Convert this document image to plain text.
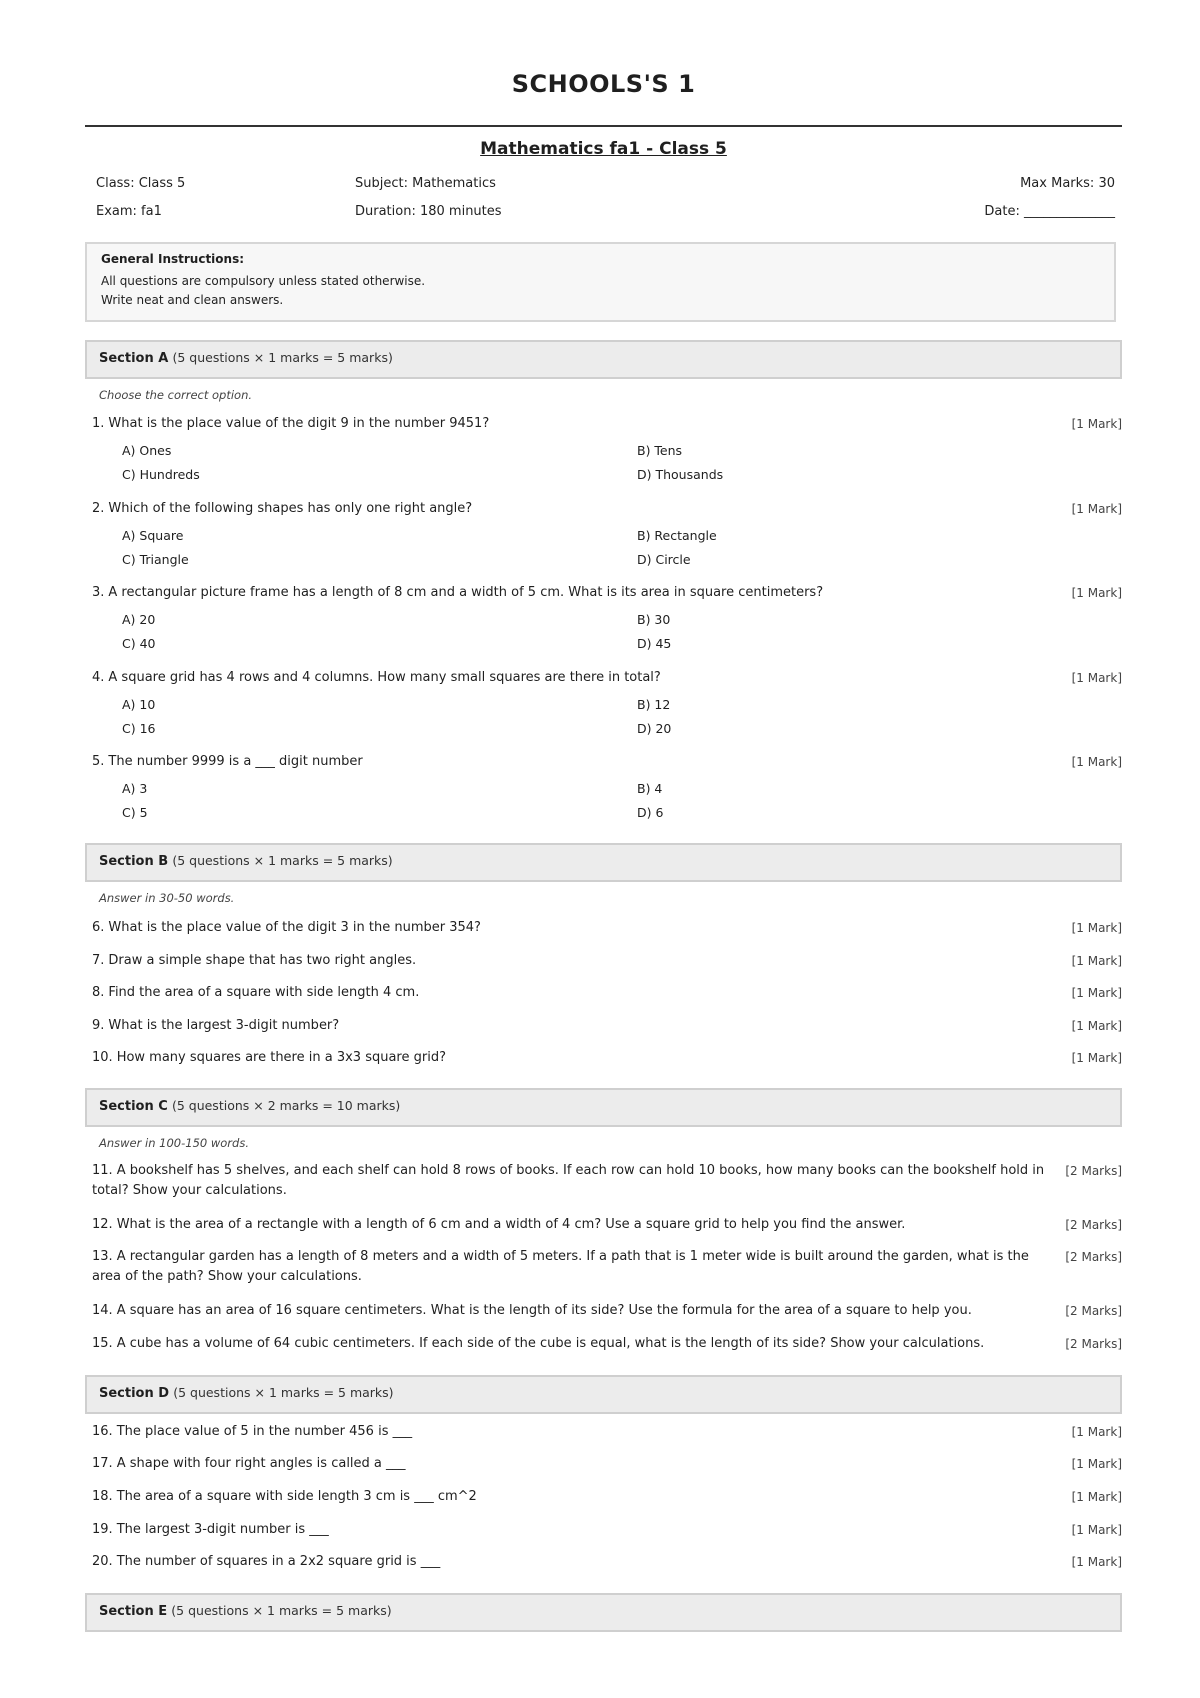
SCHOOLS'S 1
Mathematics fa1 - Class 5
Class: Class 5	Subject: Mathematics	Max Marks: 30
Exam: fa1	Duration: 180 minutes	Date: ______________
General Instructions:
All questions are compulsory unless stated otherwise.
Write neat and clean answers.
Section A (5 questions × 1 marks = 5 marks)
Choose the correct option.
1. What is the place value of the digit 9 in the number 9451?	[1 Mark]
A) Ones	B) Tens
C) Hundreds	D) Thousands
2. Which of the following shapes has only one right angle?	[1 Mark]
A) Square	B) Rectangle
C) Triangle	D) Circle
3. A rectangular picture frame has a length of 8 cm and a width of 5 cm. What is its area in square centimeters?	[1 Mark]
A) 20	B) 30
C) 40	D) 45
4. A square grid has 4 rows and 4 columns. How many small squares are there in total?	[1 Mark]
A) 10	B) 12
C) 16	D) 20
5. The number 9999 is a ___ digit number	[1 Mark]
A) 3	B) 4
C) 5	D) 6
Section B (5 questions × 1 marks = 5 marks)
Answer in 30-50 words.
6. What is the place value of the digit 3 in the number 354?	[1 Mark]
7. Draw a simple shape that has two right angles.	[1 Mark]
8. Find the area of a square with side length 4 cm.	[1 Mark]
9. What is the largest 3-digit number?	[1 Mark]
10. How many squares are there in a 3x3 square grid?	[1 Mark]
Section C (5 questions × 2 marks = 10 marks)
Answer in 100-150 words.
11. A bookshelf has 5 shelves, and each shelf can hold 8 rows of books. If each row can hold 10 books, how many books can the bookshelf hold in total? Show your calculations.
[2 Marks]
12. What is the area of a rectangle with a length of 6 cm and a width of 4 cm? Use a square grid to help you find the answer.	[2 Marks]
13. A rectangular garden has a length of 8 meters and a width of 5 meters. If a path that is 1 meter wide is built around the garden, what is the area of the path? Show your calculations.
[2 Marks]
14. A square has an area of 16 square centimeters. What is the length of its side? Use the formula for the area of a square to help you.	[2 Marks]
15. A cube has a volume of 64 cubic centimeters. If each side of the cube is equal, what is the length of its side? Show your calculations.	[2 Marks]
Section D (5 questions × 1 marks = 5 marks)
16. The place value of 5 in the number 456 is ___	[1 Mark]
17. A shape with four right angles is called a ___	[1 Mark]
18. The area of a square with side length 3 cm is ___ cm^2	[1 Mark]
19. The largest 3-digit number is ___	[1 Mark]
20. The number of squares in a 2x2 square grid is ___	[1 Mark]
Section E (5 questions × 1 marks = 5 marks)
